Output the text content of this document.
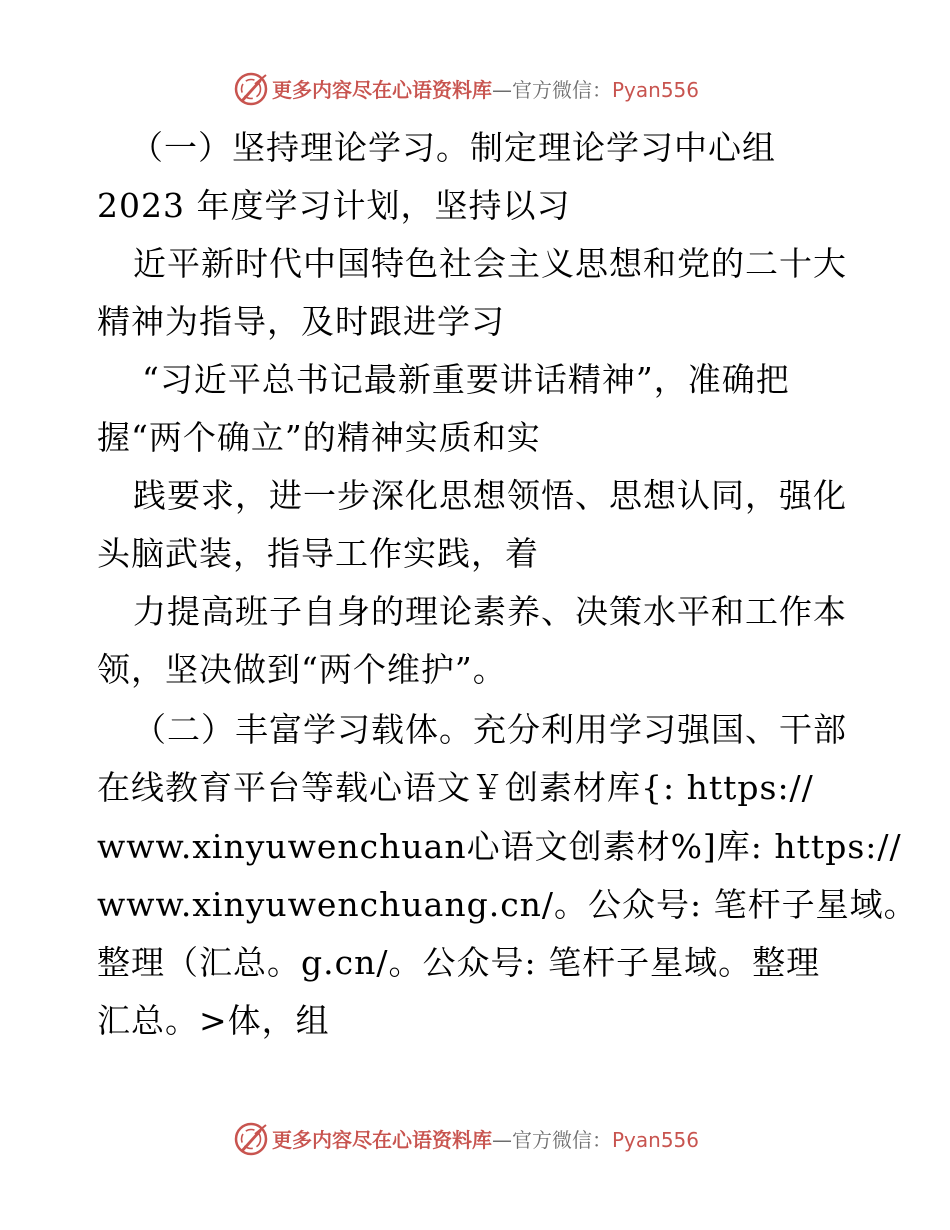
更多内容尽在心语资料库—官方微信：Pyan556
（一）坚持理论学习。制定理论学习中心组
2023 年度学习计划，坚持以习
近平新时代中国特色社会主义思想和党的二十大
精神为指导，及时跟进学习
“习近平总书记最新重要讲话精神”，准确把
握“两个确立”的精神实质和实
践要求，进一步深化思想领悟、思想认同，强化
头脑武装，指导工作实践，着
力提高班子自身的理论素养、决策水平和工作本
领，坚决做到“两个维护”。
（二）丰富学习载体。充分利用学习强国、干部
在线教育平台等载心语文￥创素材库{: https://
www.xinyuwenchuan心语文创素材%]库: https://
www.xinyuwenchuang.cn/。公众号: 笔杆子星域。
整理（汇总。g.cn/。公众号: 笔杆子星域。整理
汇总。>体，组
更多内容尽在心语资料库—官方微信：Pyan556
